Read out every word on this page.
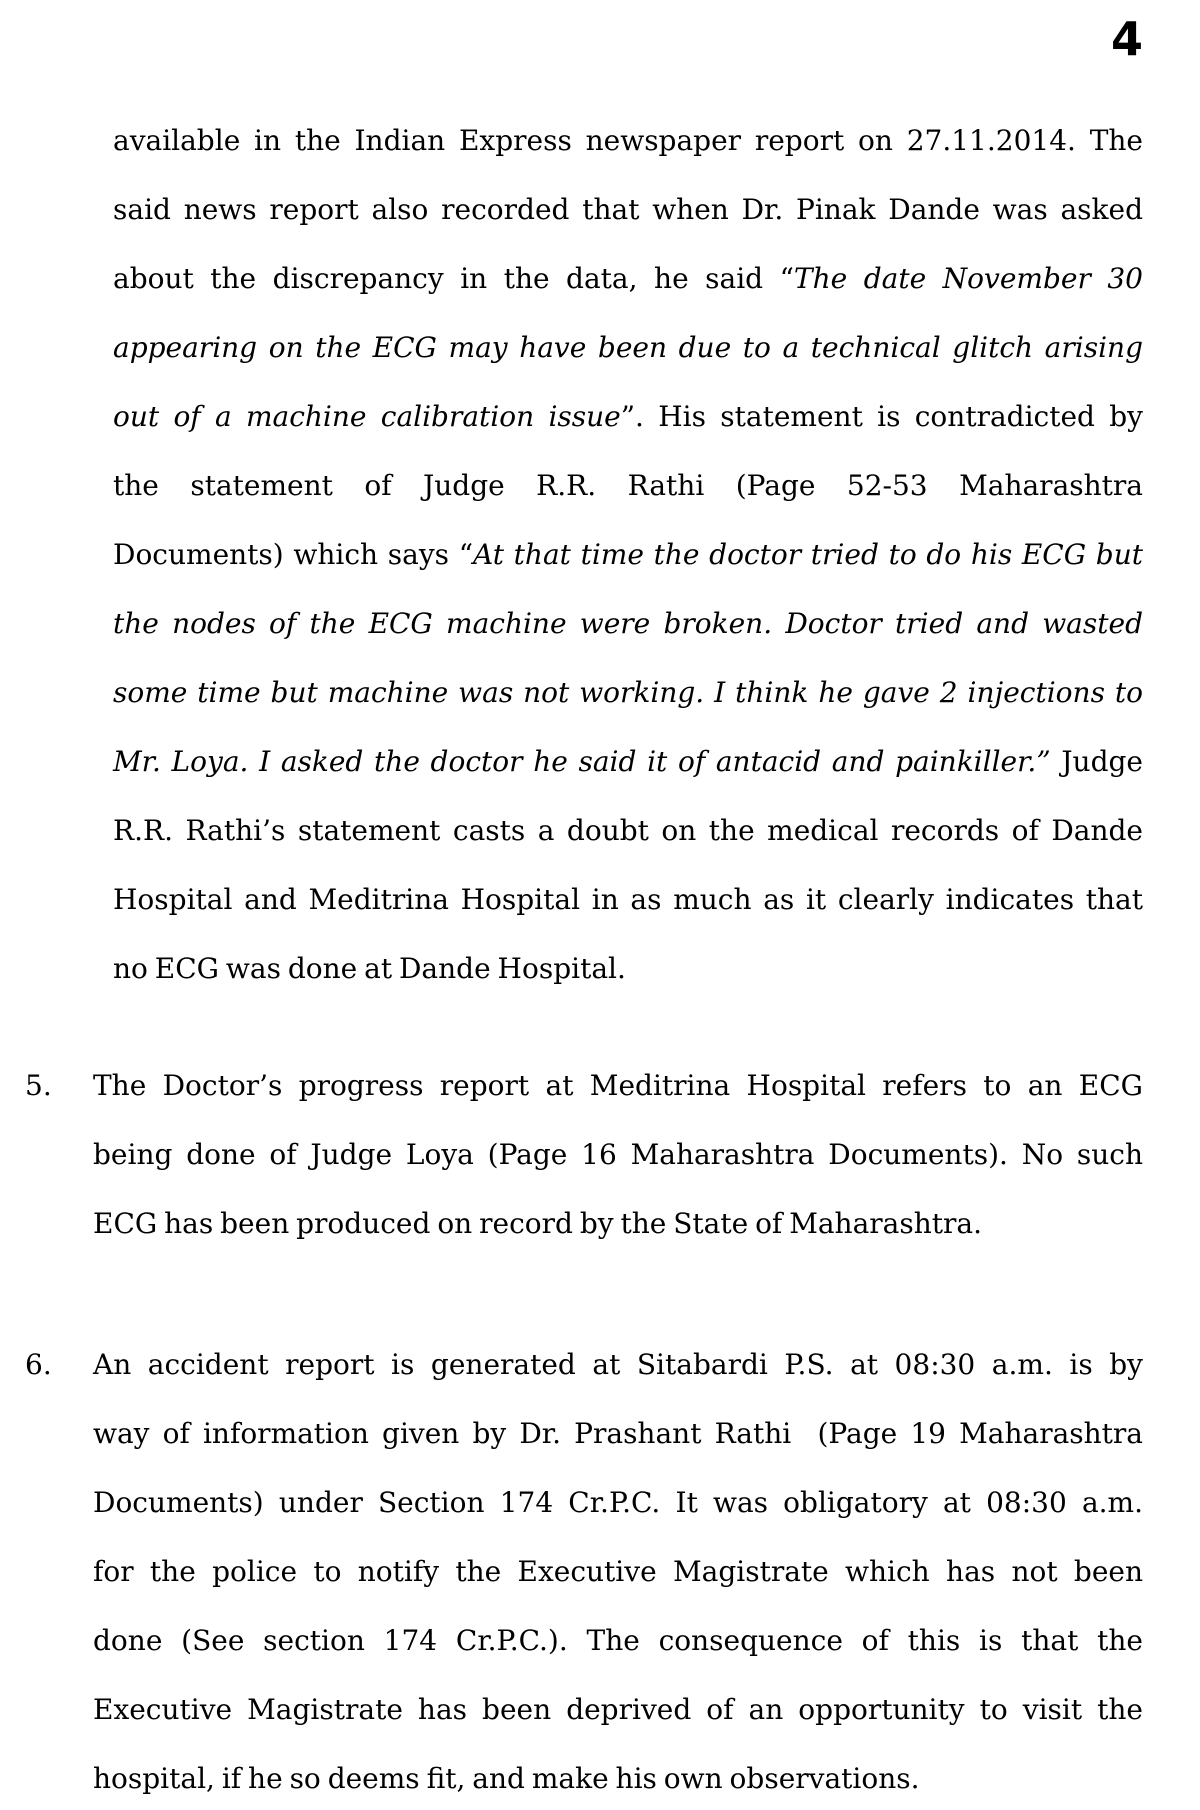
4
available in the Indian Express newspaper report on 27.11.2014. The
said news report also recorded that when Dr. Pinak Dande was asked
about the discrepancy in the data, he said “The date November 30
appearing on the ECG may have been due to a technical glitch arising
out of a machine calibration issue”. His statement is contradicted by
the statement of Judge R.R. Rathi (Page 52-53 Maharashtra
Documents) which says “At that time the doctor tried to do his ECG but
the nodes of the ECG machine were broken. Doctor tried and wasted
some time but machine was not working. I think he gave 2 injections to
Mr. Loya. I asked the doctor he said it of antacid and painkiller.” Judge
R.R. Rathi’s statement casts a doubt on the medical records of Dande
Hospital and Meditrina Hospital in as much as it clearly indicates that
no ECG was done at Dande Hospital.
5. The Doctor’s progress report at Meditrina Hospital refers to an ECG
being done of Judge Loya (Page 16 Maharashtra Documents). No such
ECG has been produced on record by the State of Maharashtra.
6. An accident report is generated at Sitabardi P.S. at 08:30 a.m. is by
way of information given by Dr. Prashant Rathi  (Page 19 Maharashtra
Documents) under Section 174 Cr.P.C. It was obligatory at 08:30 a.m.
for the police to notify the Executive Magistrate which has not been
done (See section 174 Cr.P.C.). The consequence of this is that the
Executive Magistrate has been deprived of an opportunity to visit the
hospital, if he so deems fit, and make his own observations.
